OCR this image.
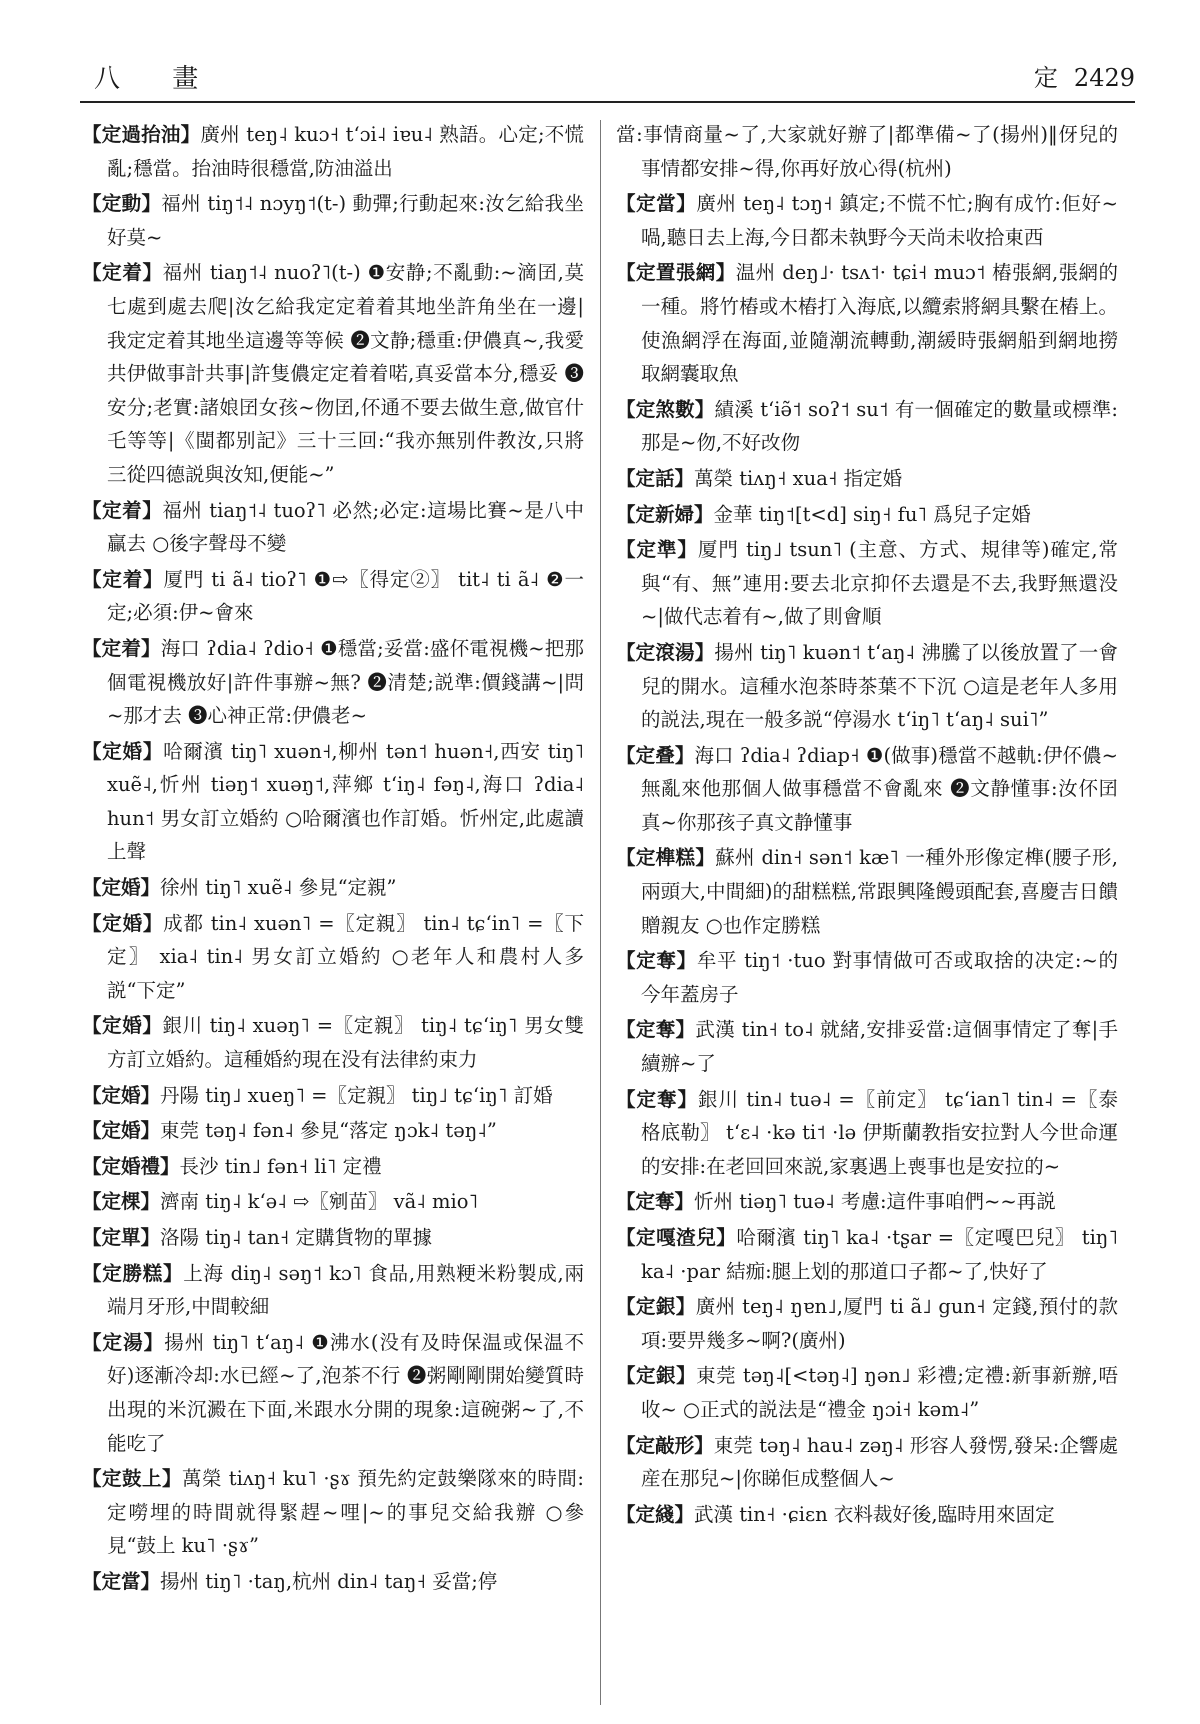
八 畫	定 2429
【定過抬油】廣州 teŋ˨ kuɔ˧ tʻɔi˨ iɐu˨ 熟語。心定;不慌亂;穩當。抬油時很穩當,防油溢出
【定動】福州 tiŋ˦˨ nɔyŋ˦(t-) 動彈;行動起來:汝乞給我坐好莫~
【定着】福州 tiaŋ˦˨ nuoʔ˥(t-) ❶安静;不亂動:~滴囝,莫七處到處去爬|汝乞給我定定着着其地坐許角坐在一邊|我定定着其地坐這邊等等候 ❷文静;穩重:伊儂真~,我愛共伊做事計共事|許隻儂定定着着喏,真妥當本分,穩妥 ❸安分;老實:諸娘囝女孩~伆囝,伓通不要去做生意,做官什乇等等|《閩都别記》三十三回:“我亦無别件教汝,只將三從四德説與汝知,便能~”
【定着】福州 tiaŋ˦˨ tuoʔ˥ 必然;必定:這場比賽~是八中贏去 ○後字聲母不變
【定着】厦門 ti ã˨ tioʔ˥ ❶⇨〖得定②〗 tit˨ ti ã˨ ❷一定;必須:伊~會來
【定着】海口 ʔdia˨ ʔdio˧ ❶穩當;妥當:盛伓電視機~把那個電視機放好|許件事辦~無? ❷清楚;説準:價錢講~|問~那才去 ❸心神正常:伊儂老~
【定婚】哈爾濱 tiŋ˥ xuən˧,柳州 tən˦ huən˧,西安 tiŋ˥ xuẽ˨,忻州 tiəŋ˦ xuəŋ˦,萍鄉 tʻiŋ˨ fəŋ˨,海口 ʔdia˨ hun˦ 男女訂立婚約 ○哈爾濱也作訂婚。忻州定,此處讀上聲
【定婚】徐州 tiŋ˥ xuẽ˨ 參見“定親”
【定婚】成都 tin˨ xuən˥ =〖定親〗 tin˨ tɕʻin˥ =〖下定〗 xia˨ tin˨ 男女訂立婚約 ○老年人和農村人多説“下定”
【定婚】銀川 tiŋ˨ xuəŋ˥ =〖定親〗 tiŋ˨ tɕʻiŋ˥ 男女雙方訂立婚約。這種婚約現在没有法律約束力
【定婚】丹陽 tiŋ˩ xueŋ˥ =〖定親〗 tiŋ˩ tɕʻiŋ˥ 訂婚
【定婚】東莞 təŋ˨ fən˨ 參見“落定 ŋɔk˨ təŋ˨”
【定婚禮】長沙 tin˩ fən˧ li˥ 定禮
【定棵】濟南 tiŋ˨ kʻə˨ ⇨〖剜苗〗 vã˨ mio˥
【定單】洛陽 tiŋ˨ tan˧ 定購貨物的單據
【定勝糕】上海 diŋ˨ səŋ˦ kɔ˥ 食品,用熟粳米粉製成,兩端月牙形,中間較細
【定湯】揚州 tiŋ˥ tʻaŋ˨ ❶沸水(没有及時保温或保温不好)逐漸冷却:水已經~了,泡茶不行 ❷粥剛剛開始變質時出現的米沉澱在下面,米跟水分開的現象:這碗粥~了,不能吃了
【定鼓上】萬榮 tiʌŋ˧ ku˥ ·ʂɤ 預先約定鼓樂隊來的時間:定嘮埋的時間就得緊趕~哩|~的事兒交給我辦 ○參見“鼓上 ku˥ ·ʂɤ”
【定當】揚州 tiŋ˥ ·taŋ,杭州 din˨ taŋ˧ 妥當;停
當:事情商量~了,大家就好辦了|都準備~了(揚州)‖伢兒的事情都安排~得,你再好放心得(杭州)
【定當】廣州 teŋ˨ tɔŋ˧ 鎮定;不慌不忙;胸有成竹:佢好~喎,聽日去上海,今日都未執野今天尚未收拾東西
【定置張網】温州 deŋ˩· tsʌ˦· tɕi˧ muɔ˦ 樁張網,張網的一種。將竹樁或木樁打入海底,以纜索將網具繫在樁上。使漁網浮在海面,並隨潮流轉動,潮緩時張網船到網地撈取網囊取魚
【定煞數】績溪 tʻiə̃˦ soʔ˦ su˦ 有一個確定的數量或標準:那是~伆,不好改伆
【定話】萬榮 tiʌŋ˧ xua˧ 指定婚
【定新婦】金華 tiŋ˦[t<d] siŋ˧ fu˥ 爲兒子定婚
【定準】厦門 tiŋ˩ tsun˥ (主意、方式、規律等)確定,常與“有、無”連用:要去北京抑伓去還是不去,我野無還没~|做代志着有~,做了則會順
【定滾湯】揚州 tiŋ˥ kuən˦ tʻaŋ˨ 沸騰了以後放置了一會兒的開水。這種水泡茶時茶葉不下沉 ○這是老年人多用的説法,現在一般多説“停湯水 tʻiŋ˥ tʻaŋ˨ sui˥”
【定叠】海口 ʔdia˨ ʔdiap˧ ❶(做事)穩當不越軌:伊伓儂~無亂來他那個人做事穩當不會亂來 ❷文静懂事:汝伓囝真~你那孩子真文静懂事
【定榫糕】蘇州 din˧ sən˦ kæ˥ 一種外形像定榫(腰子形,兩頭大,中間細)的甜糕糕,常跟興隆饅頭配套,喜慶吉日饋贈親友 ○也作定勝糕
【定奪】牟平 tiŋ˦ ·tuo 對事情做可否或取捨的决定:~的今年蓋房子
【定奪】武漢 tin˧ to˨ 就緒,安排妥當:這個事情定了奪|手續辦~了
【定奪】銀川 tin˨ tuə˨ =〖前定〗 tɕʻian˥ tin˨ =〖泰格底勒〗 tʻɛ˨ ·kə ti˦ ·lə 伊斯蘭教指安拉對人今世命運的安排:在老回回來説,家裏遇上喪事也是安拉的~
【定奪】忻州 tiəŋ˥ tuə˨ 考慮:這件事咱們~~再説
【定嘎渣兒】哈爾濱 tiŋ˥ ka˨ ·tʂar =〖定嘎巴兒〗 tiŋ˥ ka˨ ·par 結痂:腿上划的那道口子都~了,快好了
【定銀】廣州 teŋ˨ ŋɐn˩,厦門 ti ã˩ gun˧ 定錢,預付的款項:要畀幾多~啊?(廣州)
【定銀】東莞 təŋ˨[<təŋ˨] ŋən˩ 彩禮;定禮:新事新辦,唔收~ ○正式的説法是“禮金 ŋɔi˧ kəm˨”
【定敲形】東莞 təŋ˨ hau˨ zəŋ˨ 形容人發愣,發呆:企響處産在那兒~|你睇佢成整個人~
【定綫】武漢 tin˧ ·ɕiɛn 衣料裁好後,臨時用來固定
